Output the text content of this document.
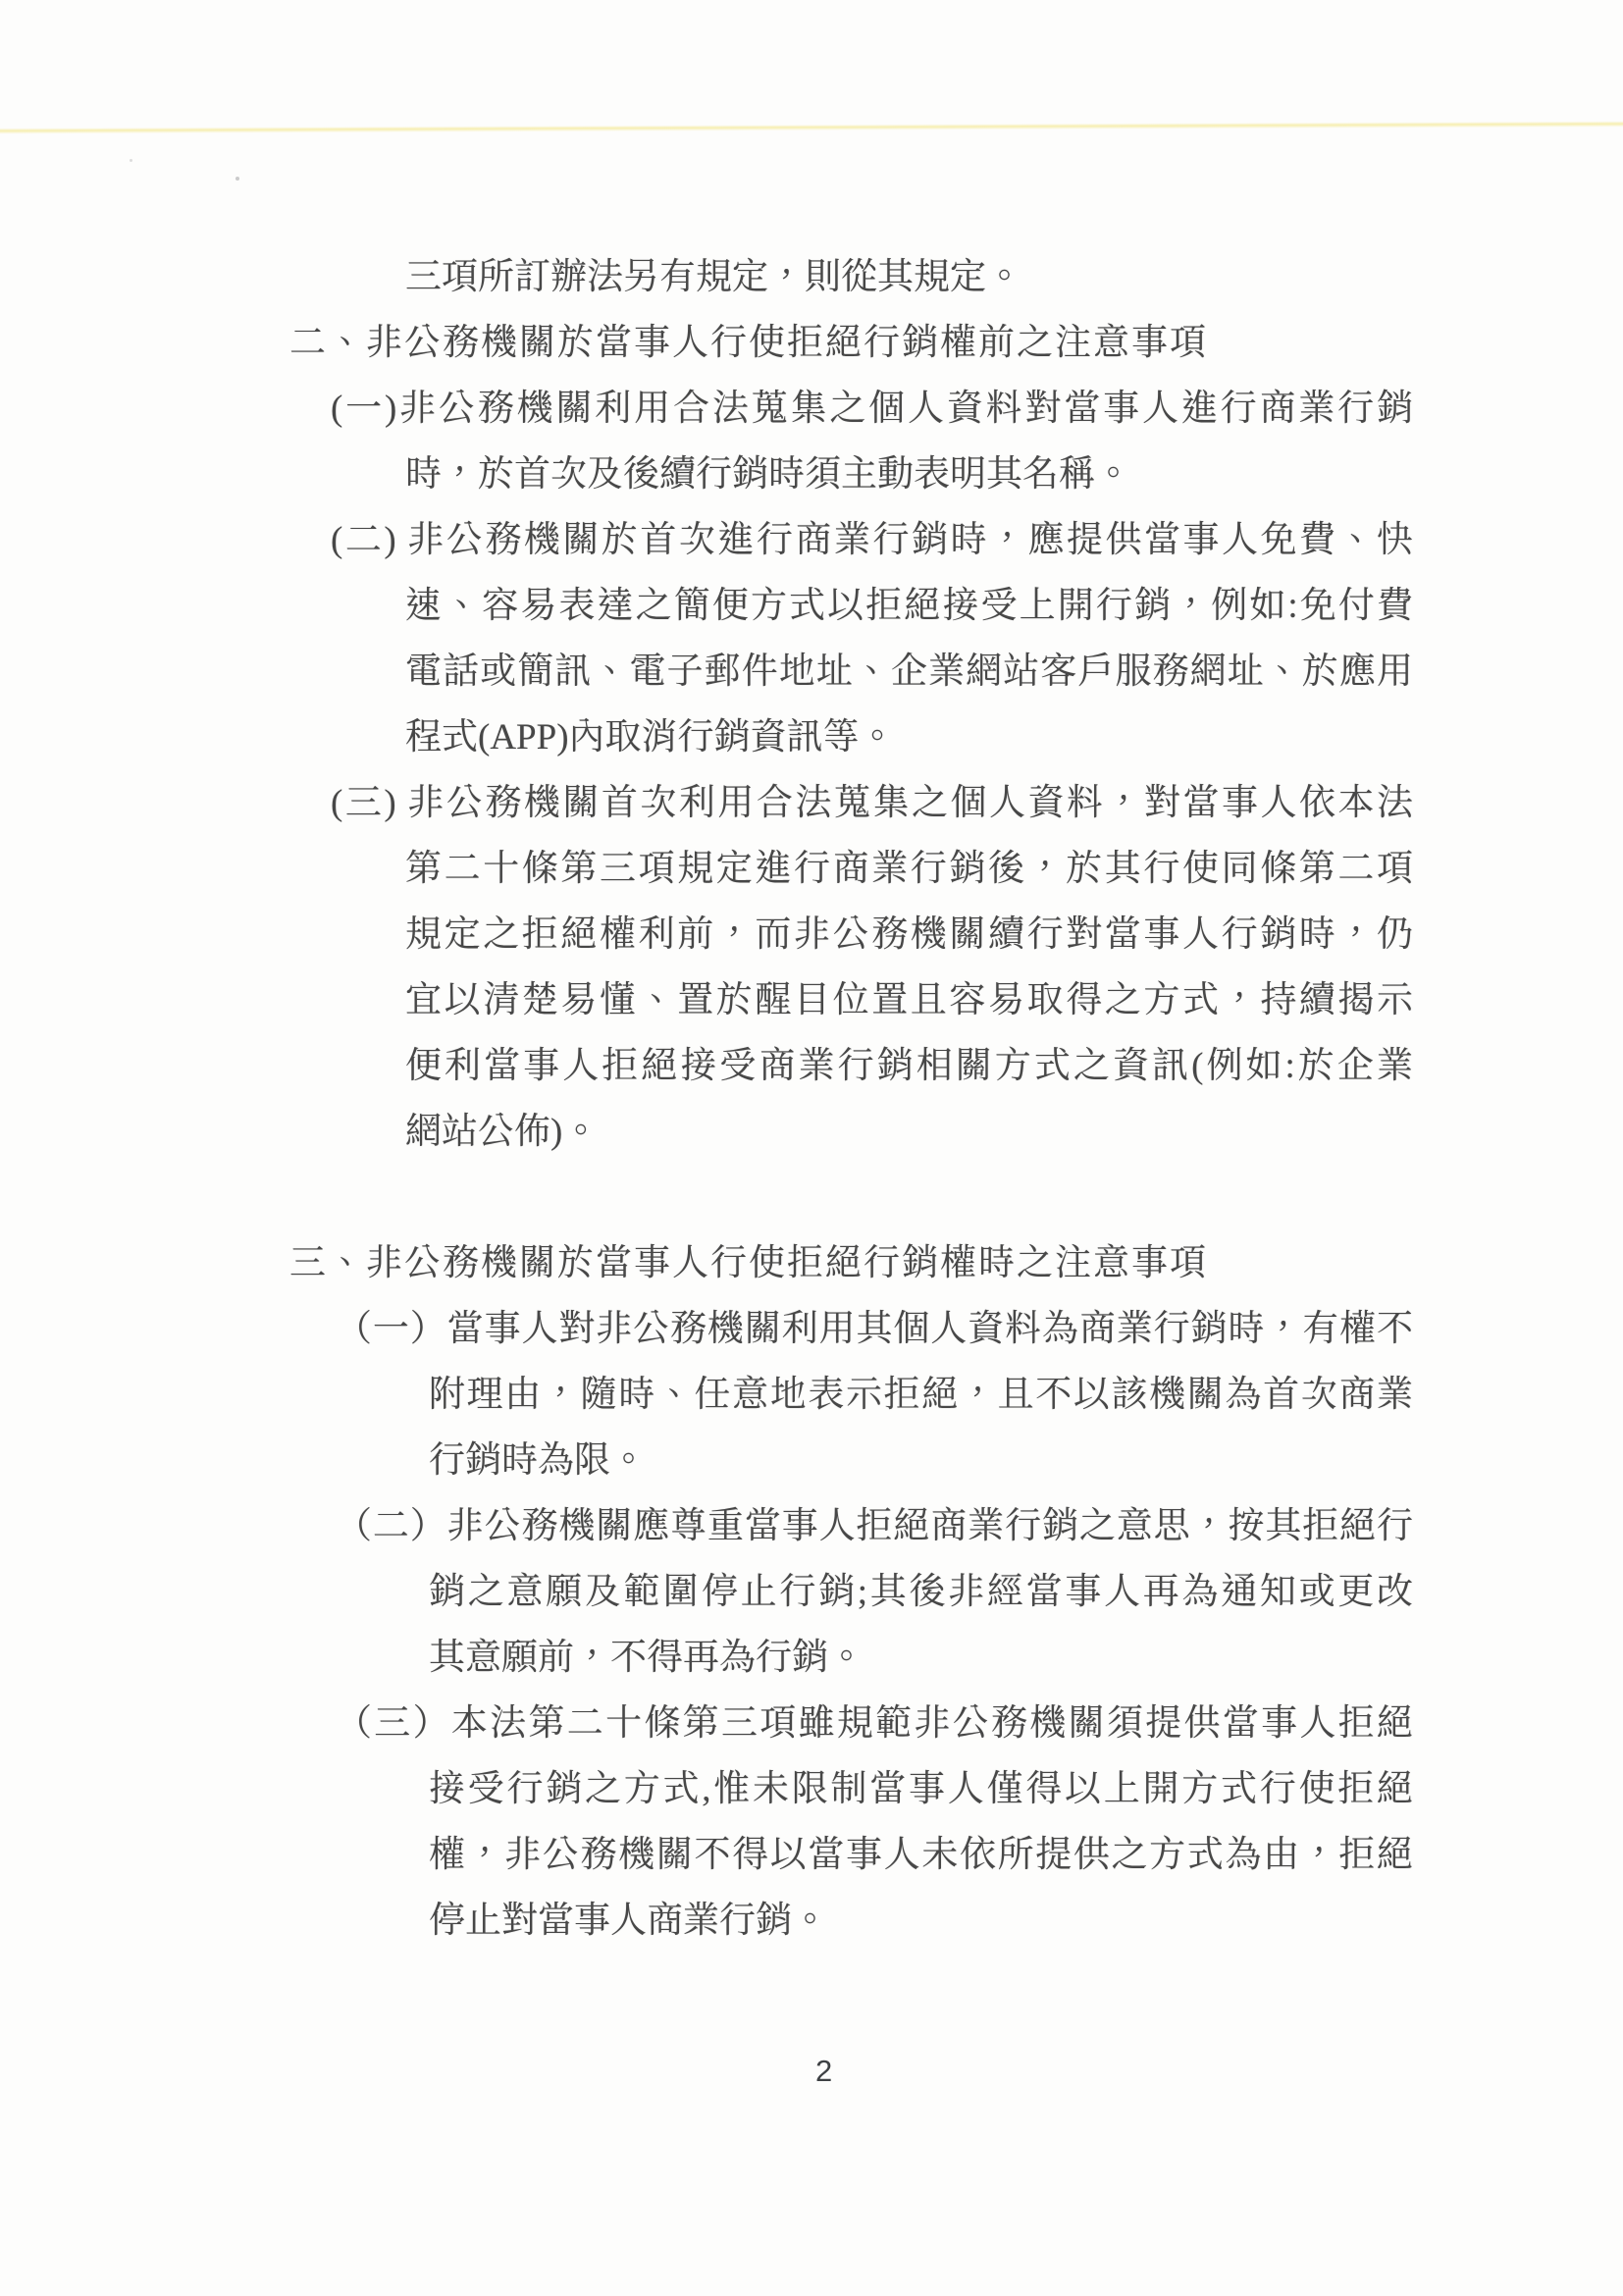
三項所訂辦法另有規定，則從其規定。
二、非公務機關於當事人行使拒絕行銷權前之注意事項
(一)非公務機關利用合法蒐集之個人資料對當事人進行商業行銷
時，於首次及後續行銷時須主動表明其名稱。
(二) 非公務機關於首次進行商業行銷時，應提供當事人免費、快
速、容易表達之簡便方式以拒絕接受上開行銷，例如:免付費
電話或簡訊、電子郵件地址、企業網站客戶服務網址、於應用
程式(APP)內取消行銷資訊等。
(三) 非公務機關首次利用合法蒐集之個人資料，對當事人依本法
第二十條第三項規定進行商業行銷後，於其行使同條第二項
規定之拒絕權利前，而非公務機關續行對當事人行銷時，仍
宜以清楚易懂、置於醒目位置且容易取得之方式，持續揭示
便利當事人拒絕接受商業行銷相關方式之資訊(例如:於企業
網站公佈)。
三、非公務機關於當事人行使拒絕行銷權時之注意事項
（一）當事人對非公務機關利用其個人資料為商業行銷時，有權不
附理由，隨時、任意地表示拒絕，且不以該機關為首次商業
行銷時為限。
（二）非公務機關應尊重當事人拒絕商業行銷之意思，按其拒絕行
銷之意願及範圍停止行銷;其後非經當事人再為通知或更改
其意願前，不得再為行銷。
（三）本法第二十條第三項雖規範非公務機關須提供當事人拒絕
接受行銷之方式,惟未限制當事人僅得以上開方式行使拒絕
權，非公務機關不得以當事人未依所提供之方式為由，拒絕
停止對當事人商業行銷。
2
